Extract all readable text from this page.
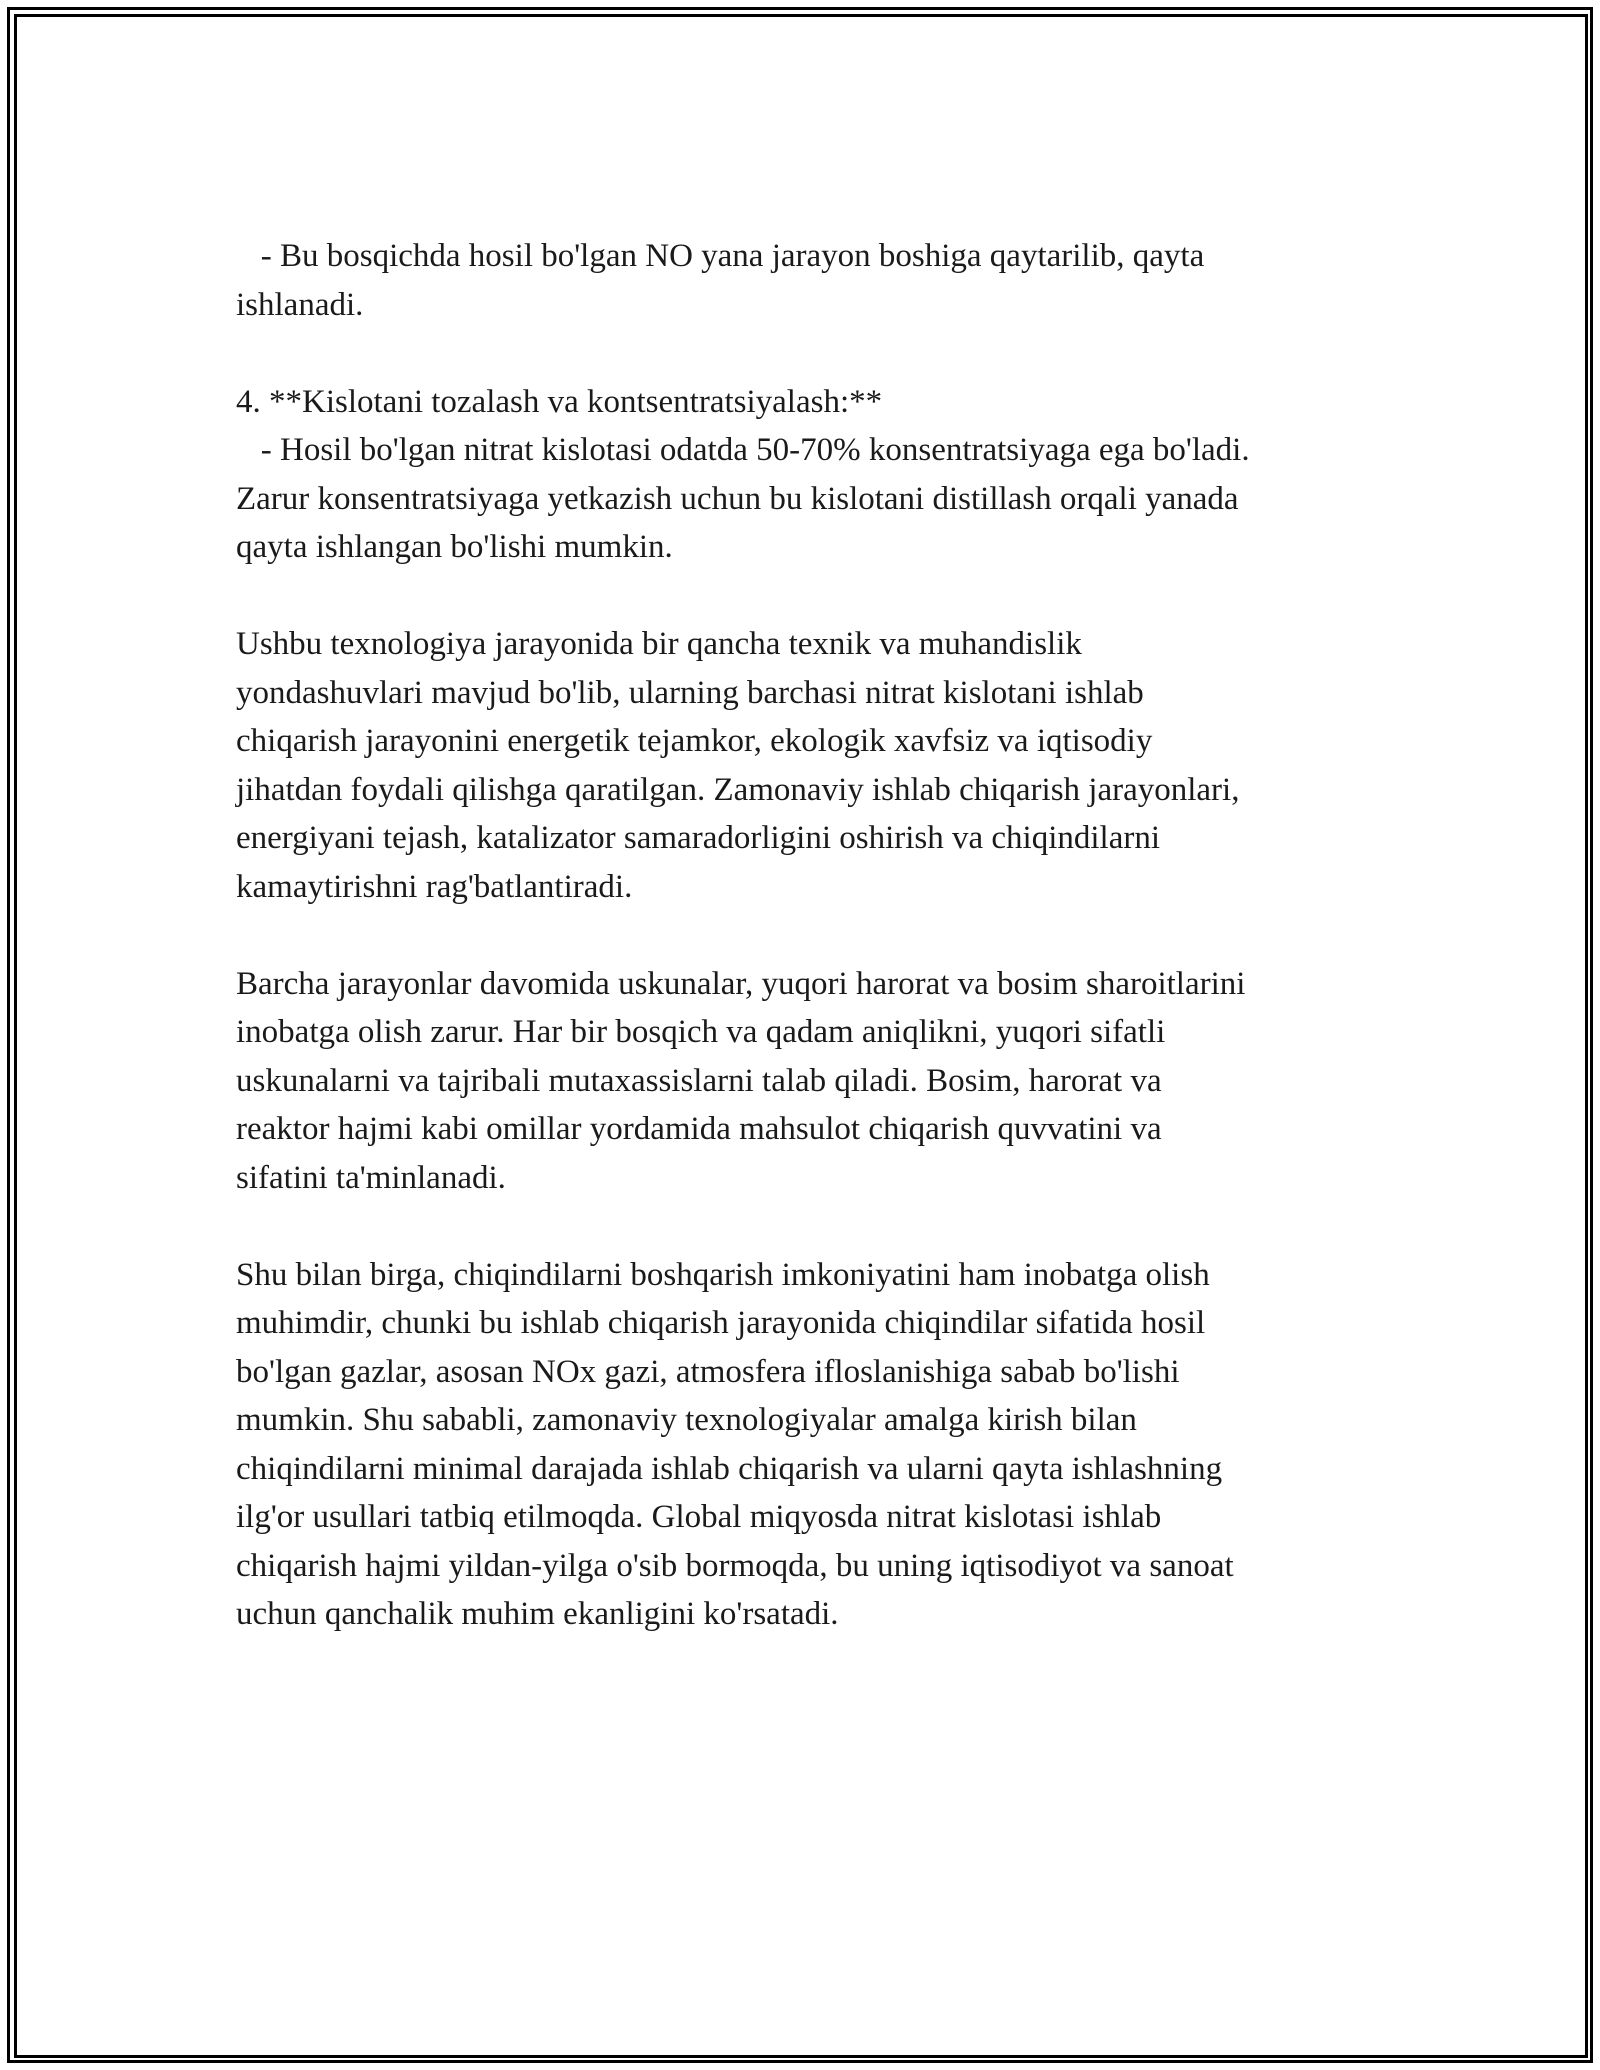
- Bu bosqichda hosil bo'lgan NO yana jarayon boshiga qaytarilib, qayta
ishlanadi.
4. **Kislotani tozalash va kontsentratsiyalash:**
- Hosil bo'lgan nitrat kislotasi odatda 50-70% konsentratsiyaga ega bo'ladi.
Zarur konsentratsiyaga yetkazish uchun bu kislotani distillash orqali yanada
qayta ishlangan bo'lishi mumkin.
Ushbu texnologiya jarayonida bir qancha texnik va muhandislik
yondashuvlari mavjud bo'lib, ularning barchasi nitrat kislotani ishlab
chiqarish jarayonini energetik tejamkor, ekologik xavfsiz va iqtisodiy
jihatdan foydali qilishga qaratilgan. Zamonaviy ishlab chiqarish jarayonlari,
energiyani tejash, katalizator samaradorligini oshirish va chiqindilarni
kamaytirishni rag'batlantiradi.
Barcha jarayonlar davomida uskunalar, yuqori harorat va bosim sharoitlarini
inobatga olish zarur. Har bir bosqich va qadam aniqlikni, yuqori sifatli
uskunalarni va tajribali mutaxassislarni talab qiladi. Bosim, harorat va
reaktor hajmi kabi omillar yordamida mahsulot chiqarish quvvatini va
sifatini ta'minlanadi.
Shu bilan birga, chiqindilarni boshqarish imkoniyatini ham inobatga olish
muhimdir, chunki bu ishlab chiqarish jarayonida chiqindilar sifatida hosil
bo'lgan gazlar, asosan NOx gazi, atmosfera ifloslanishiga sabab bo'lishi
mumkin. Shu sababli, zamonaviy texnologiyalar amalga kirish bilan
chiqindilarni minimal darajada ishlab chiqarish va ularni qayta ishlashning
ilg'or usullari tatbiq etilmoqda. Global miqyosda nitrat kislotasi ishlab
chiqarish hajmi yildan-yilga o'sib bormoqda, bu uning iqtisodiyot va sanoat
uchun qanchalik muhim ekanligini ko'rsatadi.
